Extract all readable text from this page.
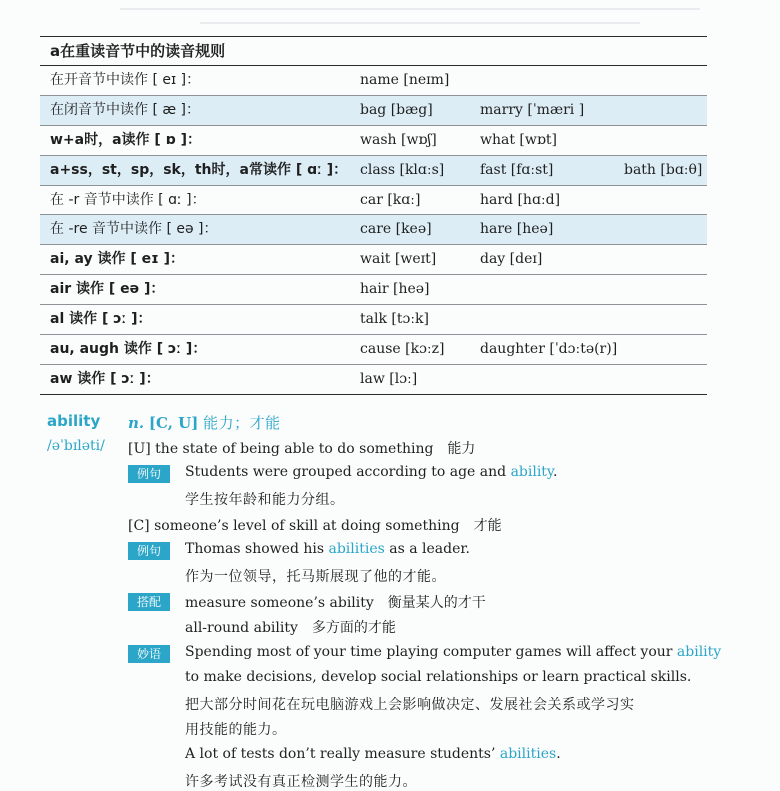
a在重读音节中的读音规则
在开音节中读作 [ eɪ ]：	name [neɪm]
在闭音节中读作 [ æ ]：	bag [bæg]	marry [ˈmæri ]
w+a时，a读作 [ ɒ ]：	wash [wɒʃ]	what [wɒt]
a+ss，st，sp，sk，th时，a常读作 [ ɑː ]： class [klɑːs]	fast [fɑːst]	bath [bɑːθ]
在 -r 音节中读作 [ ɑː ]：	car [kɑː]	hard [hɑːd]
在 -re 音节中读作 [ eə ]：	care [keə]	hare [heə]
ai, ay 读作 [ eɪ ]：	wait [weɪt]	day [deɪ]
air 读作 [ eə ]：	hair [heə]
al 读作 [ ɔː ]：	talk [tɔːk]
au, augh 读作 [ ɔː ]：	cause [kɔːz]	daughter [ˈdɔːtə(r)]
aw 读作 [ ɔː ]：	law [lɔː]
ability
/əˈbɪləti/
n. [C, U] 能力；才能
[U] the state of being able to do something　能力
例句	Students were grouped according to age and ability.
学生按年龄和能力分组。
[C] someone’s level of skill at doing something　才能
例句	Thomas showed his abilities as a leader.
作为一位领导，托马斯展现了他的才能。
搭配	measure someone’s ability　衡量某人的才干
all-round ability　多方面的才能
妙语	Spending most of your time playing computer games will affect your ability
to make decisions, develop social relationships or learn practical skills.
把大部分时间花在玩电脑游戏上会影响做决定、发展社会关系或学习实
用技能的能力。
A lot of tests don’t really measure students’ abilities.
许多考试没有真正检测学生的能力。
